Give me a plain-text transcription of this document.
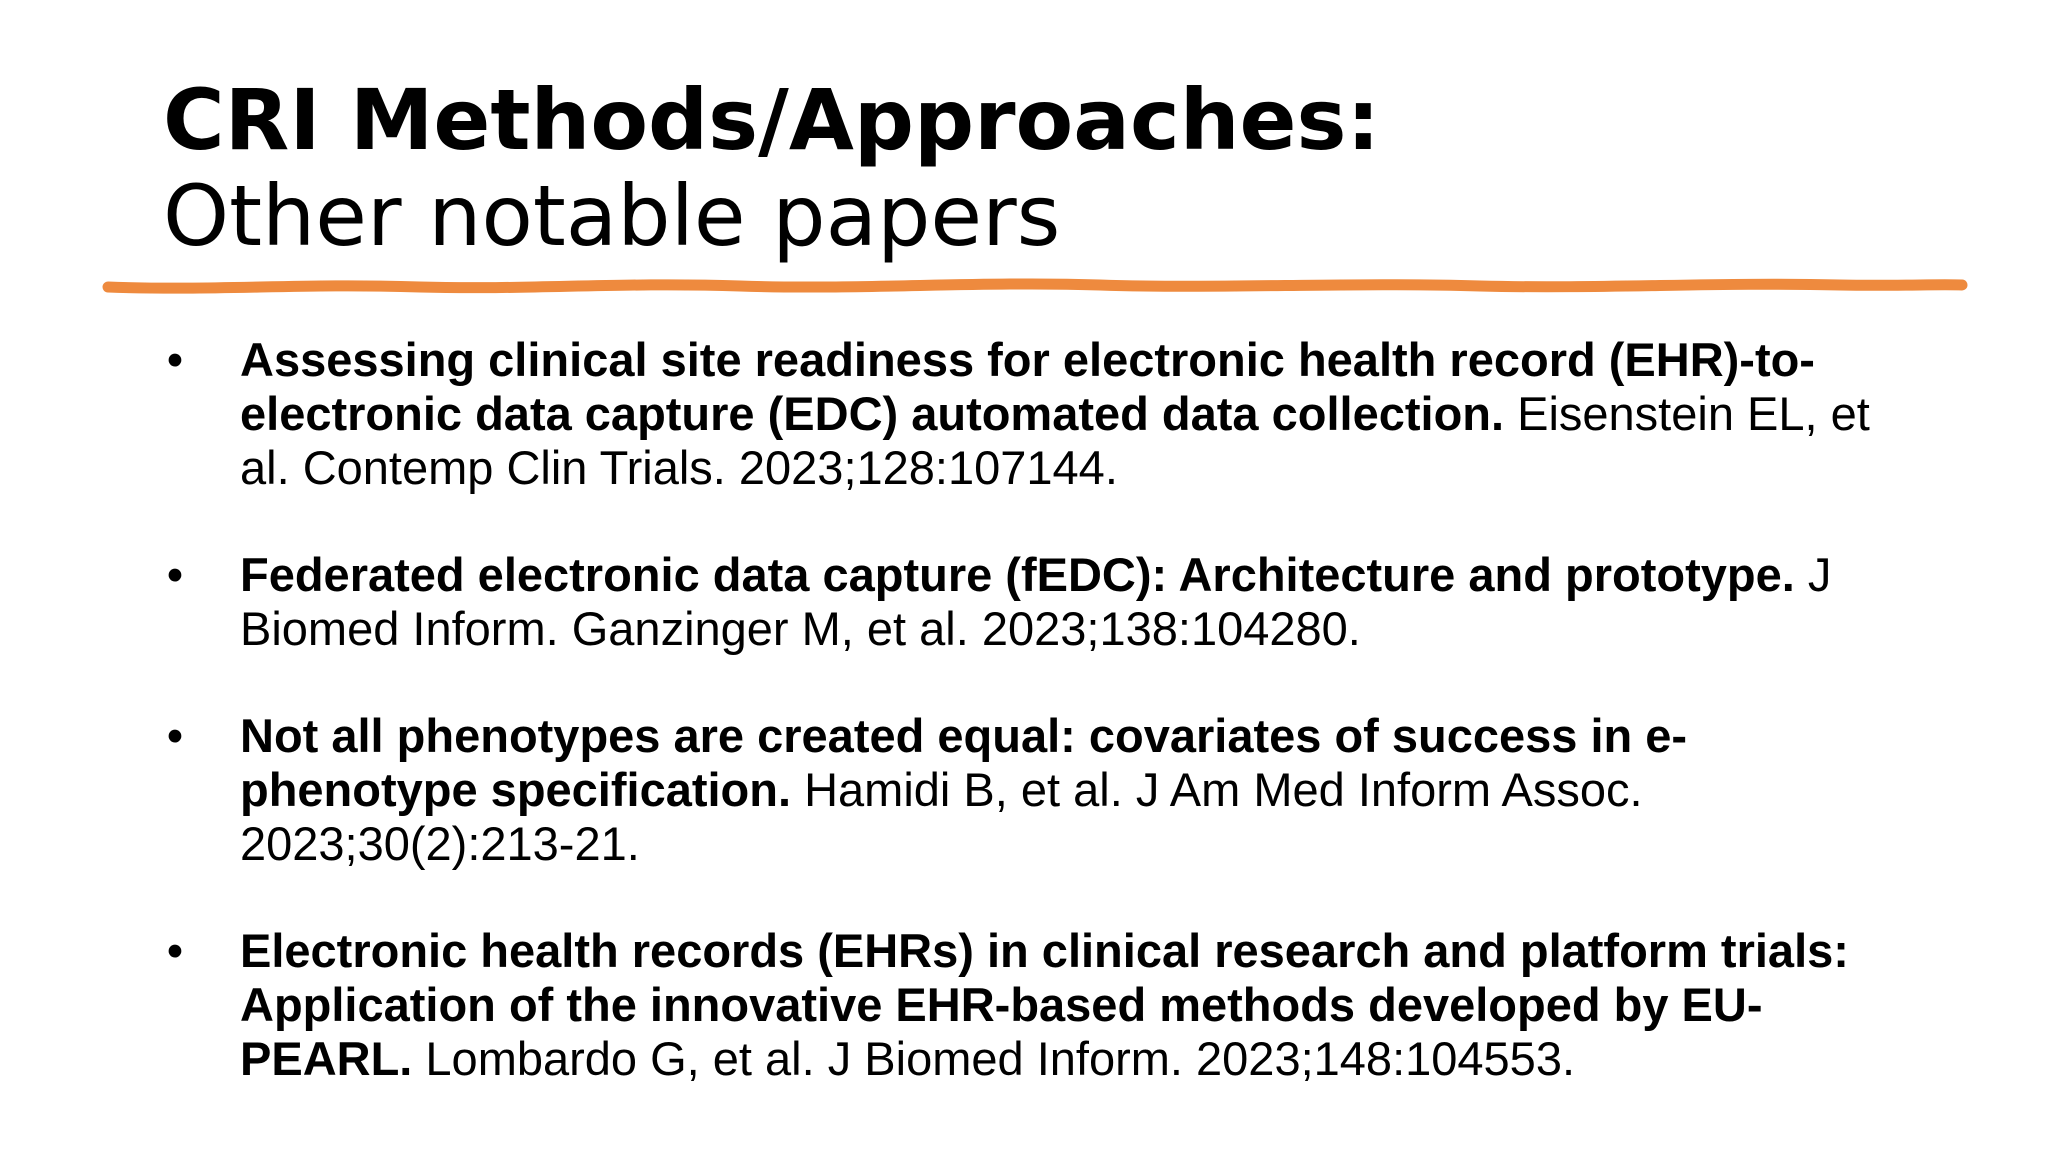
CRI Methods/Approaches:
Other notable papers
• Assessing clinical site readiness for electronic health record (EHR)-to-electronic data capture (EDC) automated data collection. Eisenstein EL, et al. Contemp Clin Trials. 2023;128:107144.
• Federated electronic data capture (fEDC): Architecture and prototype. J Biomed Inform. Ganzinger M, et al. 2023;138:104280.
• Not all phenotypes are created equal: covariates of success in e-phenotype specification. Hamidi B, et al. J Am Med Inform Assoc. 2023;30(2):213-21.
• Electronic health records (EHRs) in clinical research and platform trials: Application of the innovative EHR-based methods developed by EU-PEARL. Lombardo G, et al. J Biomed Inform. 2023;148:104553.
